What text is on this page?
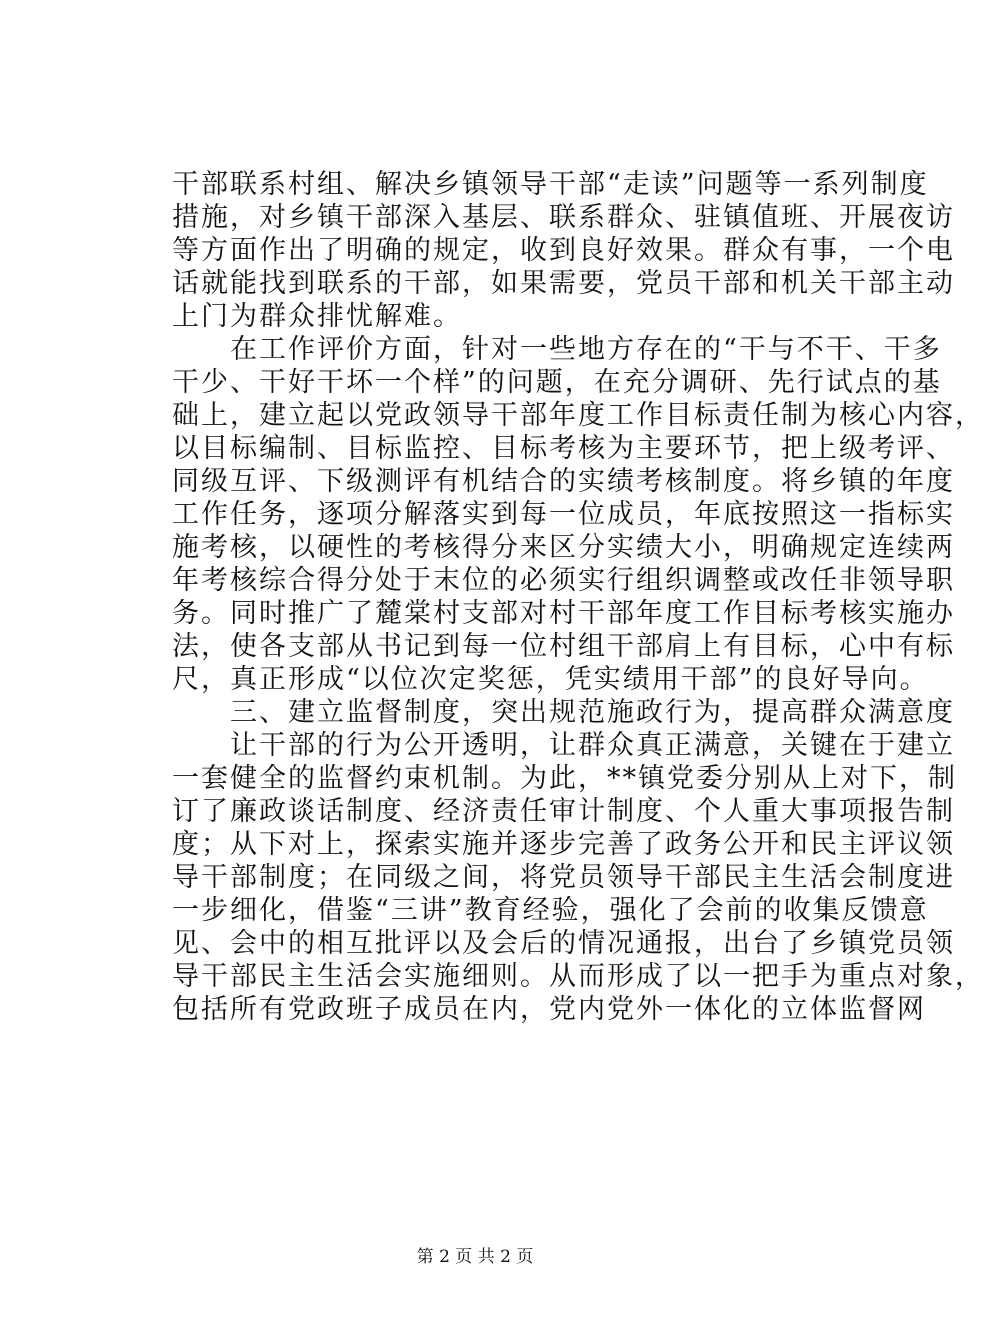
干部联系村组、解决乡镇领导干部“走读”问题等一系列制度
措施，对乡镇干部深入基层、联系群众、驻镇值班、开展夜访
等方面作出了明确的规定，收到良好效果。群众有事，一个电
话就能找到联系的干部，如果需要，党员干部和机关干部主动
上门为群众排忧解难。
　　在工作评价方面，针对一些地方存在的“干与不干、干多
干少、干好干坏一个样”的问题，在充分调研、先行试点的基
础上，建立起以党政领导干部年度工作目标责任制为核心内容，
以目标编制、目标监控、目标考核为主要环节，把上级考评、
同级互评、下级测评有机结合的实绩考核制度。将乡镇的年度
工作任务，逐项分解落实到每一位成员，年底按照这一指标实
施考核，以硬性的考核得分来区分实绩大小，明确规定连续两
年考核综合得分处于末位的必须实行组织调整或改任非领导职
务。同时推广了麓棠村支部对村干部年度工作目标考核实施办
法，使各支部从书记到每一位村组干部肩上有目标，心中有标
尺，真正形成“以位次定奖惩，凭实绩用干部”的良好导向。
　　三、建立监督制度，突出规范施政行为，提高群众满意度
　　让干部的行为公开透明，让群众真正满意，关键在于建立
一套健全的监督约束机制。为此，**镇党委分别从上对下，制
订了廉政谈话制度、经济责任审计制度、个人重大事项报告制
度；从下对上，探索实施并逐步完善了政务公开和民主评议领
导干部制度；在同级之间，将党员领导干部民主生活会制度进
一步细化，借鉴“三讲”教育经验，强化了会前的收集反馈意
见、会中的相互批评以及会后的情况通报，出台了乡镇党员领
导干部民主生活会实施细则。从而形成了以一把手为重点对象，
包括所有党政班子成员在内，党内党外一体化的立体监督网
第 2 页 共 2 页
